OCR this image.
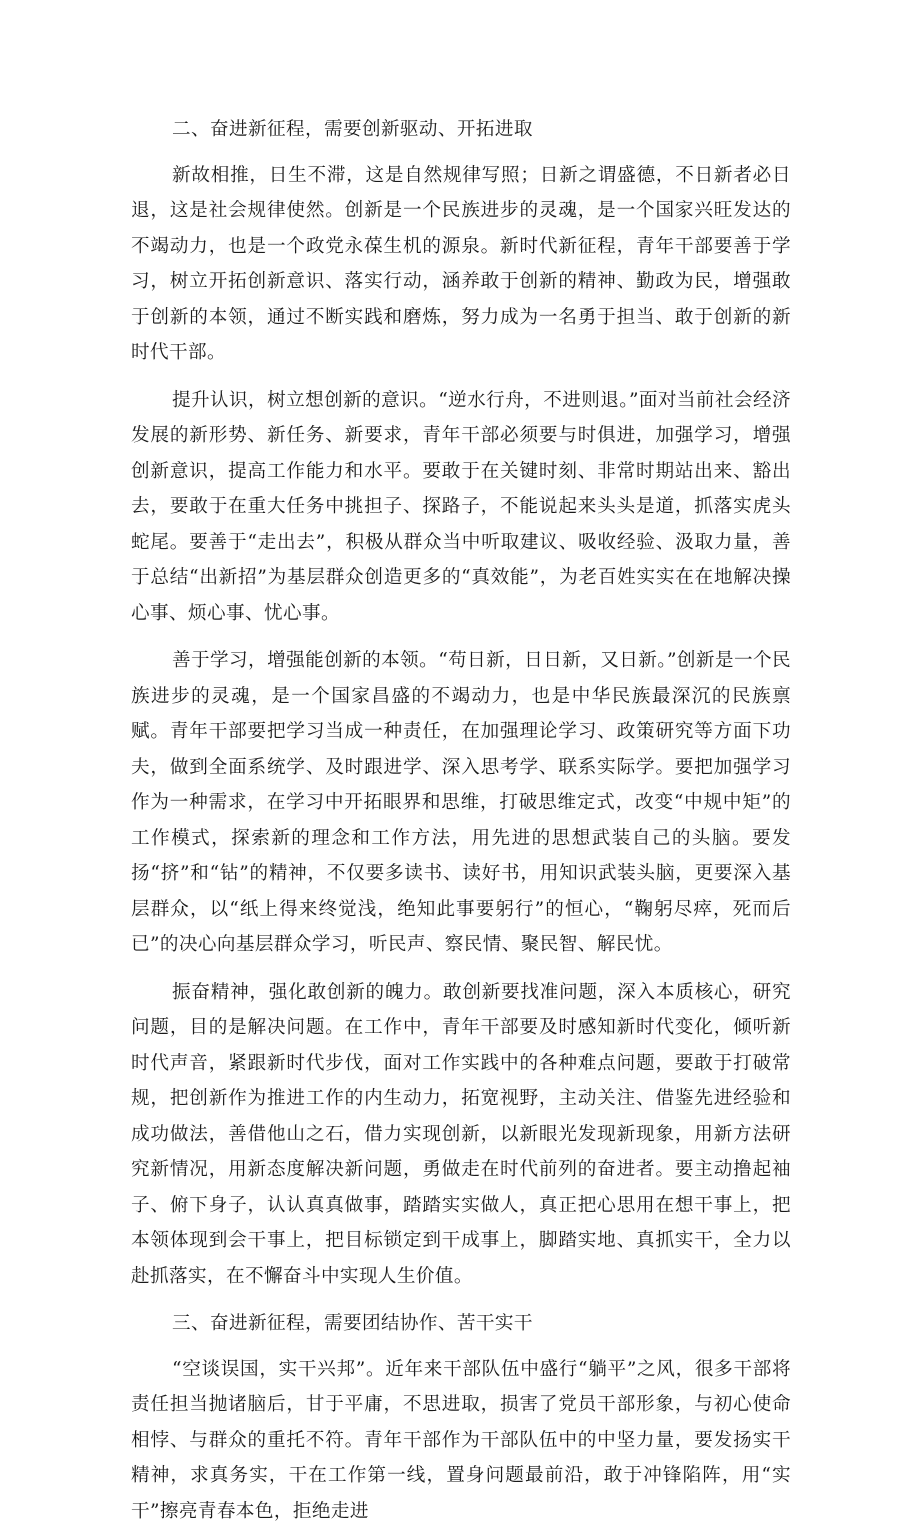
二、奋进新征程，需要创新驱动、开拓进取

新故相推，日生不滞，这是自然规律写照；日新之谓盛德，不日新者必日退，这是社会规律使然。创新是一个民族进步的灵魂，是一个国家兴旺发达的不竭动力，也是一个政党永葆生机的源泉。新时代新征程，青年干部要善于学习，树立开拓创新意识、落实行动，涵养敢于创新的精神、勤政为民，增强敢于创新的本领，通过不断实践和磨炼，努力成为一名勇于担当、敢于创新的新时代干部。

提升认识，树立想创新的意识。“逆水行舟，不进则退。”面对当前社会经济发展的新形势、新任务、新要求，青年干部必须要与时俱进，加强学习，增强创新意识，提高工作能力和水平。要敢于在关键时刻、非常时期站出来、豁出去，要敢于在重大任务中挑担子、探路子，不能说起来头头是道，抓落实虎头蛇尾。要善于“走出去”，积极从群众当中听取建议、吸收经验、汲取力量，善于总结“出新招”为基层群众创造更多的“真效能”，为老百姓实实在在地解决操心事、烦心事、忧心事。

善于学习，增强能创新的本领。“苟日新，日日新，又日新。”创新是一个民族进步的灵魂，是一个国家昌盛的不竭动力，也是中华民族最深沉的民族禀赋。青年干部要把学习当成一种责任，在加强理论学习、政策研究等方面下功夫，做到全面系统学、及时跟进学、深入思考学、联系实际学。要把加强学习作为一种需求，在学习中开拓眼界和思维，打破思维定式，改变“中规中矩”的工作模式，探索新的理念和工作方法，用先进的思想武装自己的头脑。要发扬“挤”和“钻”的精神，不仅要多读书、读好书，用知识武装头脑，更要深入基层群众，以“纸上得来终觉浅，绝知此事要躬行”的恒心，“鞠躬尽瘁，死而后已”的决心向基层群众学习，听民声、察民情、聚民智、解民忧。

振奋精神，强化敢创新的魄力。敢创新要找准问题，深入本质核心，研究问题，目的是解决问题。在工作中，青年干部要及时感知新时代变化，倾听新时代声音，紧跟新时代步伐，面对工作实践中的各种难点问题，要敢于打破常规，把创新作为推进工作的内生动力，拓宽视野，主动关注、借鉴先进经验和成功做法，善借他山之石，借力实现创新，以新眼光发现新现象，用新方法研究新情况，用新态度解决新问题，勇做走在时代前列的奋进者。要主动撸起袖子、俯下身子，认认真真做事，踏踏实实做人，真正把心思用在想干事上，把本领体现到会干事上，把目标锁定到干成事上，脚踏实地、真抓实干，全力以赴抓落实，在不懈奋斗中实现人生价值。

三、奋进新征程，需要团结协作、苦干实干

“空谈误国，实干兴邦”。近年来干部队伍中盛行“躺平”之风，很多干部将责任担当抛诸脑后，甘于平庸，不思进取，损害了党员干部形象，与初心使命相悖、与群众的重托不符。青年干部作为干部队伍中的中坚力量，要发扬实干精神，求真务实，干在工作第一线，置身问题最前沿，敢于冲锋陷阵，用“实干”擦亮青春本色，拒绝走进
